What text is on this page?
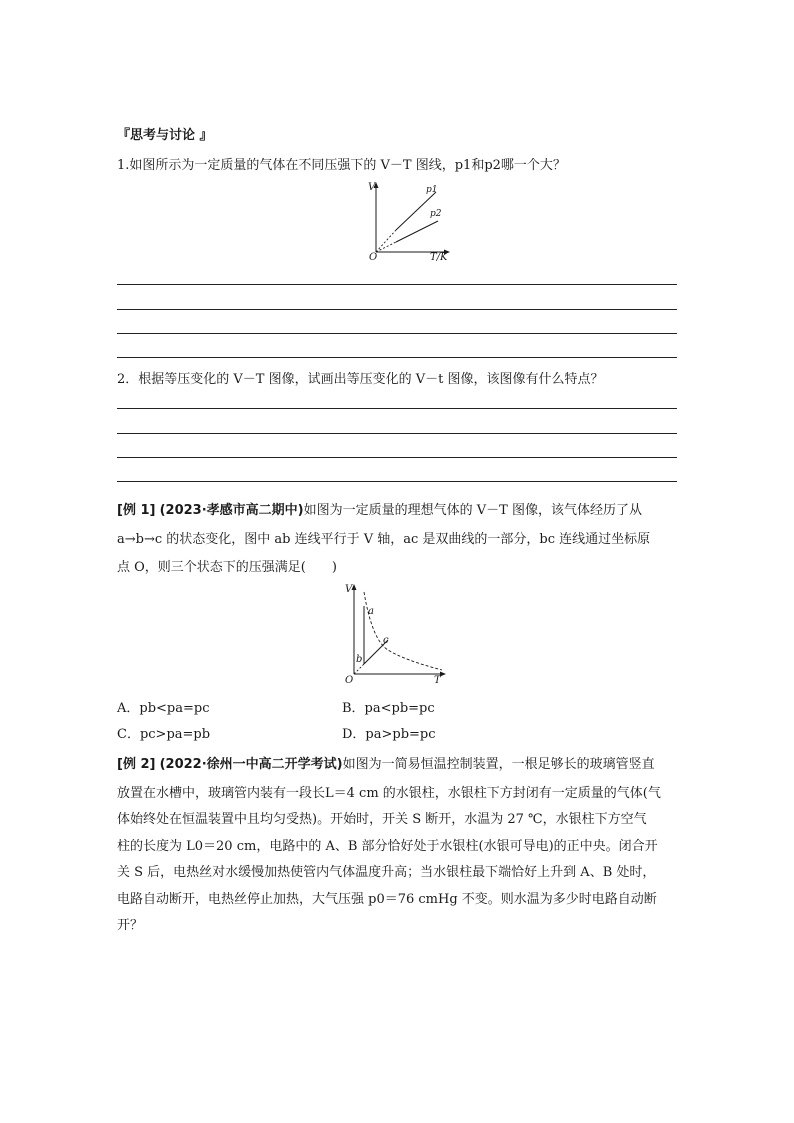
『思考与讨论 』
1.如图所示为一定质量的气体在不同压强下的 V－T 图线，p1和p2哪一个大？
V
O	T/K
p1
p2
2．根据等压变化的 V－T 图像，试画出等压变化的 V－t 图像，该图像有什么特点？
[例 1] (2023·孝感市高二期中)如图为一定质量的理想气体的 V－T 图像，该气体经历了从
a→b→c 的状态变化，图中 ab 连线平行于 V 轴，ac 是双曲线的一部分，bc 连线通过坐标原
点 O，则三个状态下的压强满足(　　)
V
O	T
a
b
c
A．pb<pa=pc	B．pa<pb=pc
C．pc>pa=pb	D．pa>pb=pc
[例 2] (2022·徐州一中高二开学考试)如图为一简易恒温控制装置，一根足够长的玻璃管竖直
放置在水槽中，玻璃管内装有一段长L＝4 cm 的水银柱，水银柱下方封闭有一定质量的气体(气
体始终处在恒温装置中且均匀受热)。开始时，开关 S 断开，水温为 27 ℃，水银柱下方空气
柱的长度为 L0＝20 cm，电路中的 A、B 部分恰好处于水银柱(水银可导电)的正中央。闭合开
关 S 后，电热丝对水缓慢加热使管内气体温度升高；当水银柱最下端恰好上升到 A、B 处时，
电路自动断开，电热丝停止加热，大气压强 p0＝76 cmHg 不变。则水温为多少时电路自动断
开？
